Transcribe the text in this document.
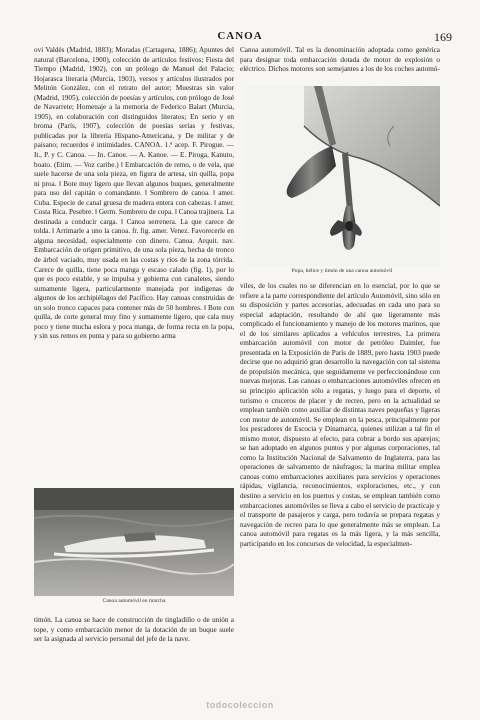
CANOA	169

ovi Valdés (Madrid, 1883); Moradas (Cartagena, 1886); Apuntes del natural (Barcelona, 1900), colección de artículos festivos; Fiesta del Tiempo (Madrid, 1902), con un prólogo de Manuel del Palacio; Hojarasca literaria (Murcia, 1903), versos y artículos ilustrados por Melitón González, con el retrato del autor; Muestras sin valor (Madrid, 1905), colección de poesías y artículos, con prólogo de José de Navarrete; Homenaje a la memoria de Federico Balart (Murcia, 1905), en colaboración con distinguidos literatos; En serio y en broma (París, 1907), colección de poesías serias y festivas, publicadas por la librería Hispano-Americana, y De militar y de paisano; recuerdos é intimidades. CANOA. 1.ª acep. F. Pirogue. — It., P. y C. Canoa. — In. Canoe. — A. Kanoe. — E. Piroga, Kanuto, boato. (Etim. — Voz caribe.) ‖ Embarcación de remo, o de vela, que suele hacerse de una sola pieza, en figura de artesa, sin quilla, popa ni proa. ‖ Bote muy ligero que llevan algunos buques, generalmente para uso del capitán o comandante. ‖ Sombrero de canoa. ‖ amer. Cuba. Especie de canal gruesa de madera entera con cabezas. ‖ amer. Costa Rica. Pesebre. ‖ Germ. Sombrero de copa. ‖ Canoa trajinera. La destinada a conducir carga. ‖ Canoa serrenera. La que carece de tolda. ‖ Arrimarle a uno la canoa. fr. fig. amer. Venez. Favorecerle en alguna necesidad, especialmente con dinero. Canoa. Arquit. nav. Embarcación de origen primitivo, de una sola pieza, hecha de tronco de árbol vaciado, muy usada en las costas y ríos de la zona tórrida. Carece de quilla, tiene poca manga y escaso calado (fig. 1), por lo que es poco estable, y se impulsa y gobierna con canaletes, siendo sumamente ligera, particularmente manejada por indígenas de algunos de los archipiélagos del Pacífico. Hay canoas construidas de un solo tronco capaces para contener más de 50 hombres. ‖ Bote con quilla, de corte general muy fino y sumamente ligero, que cala muy poco y tiene mucha eslora y poca manga, de forma recta en la popa, y sin sus remos en punta y para su gobierno arma

Canoa automóvil. Tal es la denominación adoptada como genérica para designar toda embarcación dotada de motor de explosión o eléctrico. Dichos motores son semejantes a los de los coches automó-

Popa, hélice y timón de una canoa automóvil

viles, de los cuales no se diferencian en lo esencial, por lo que se refiere a la parte correspondiente del artículo Automóvil, sino sólo en su disposición y partes accesorias, adecuadas en cada uno para su especial adaptación, resultando de ahí que ligeramente más complicado el funcionamiento y manejo de los motores marinos, que el de los similares aplicados a vehículos terrestres. La primera embarcación automóvil con motor de petróleo Daimler, fue presentada en la Exposición de París de 1889, pero hasta 1903 puede decirse que no adquirió gran desarrollo la navegación con tal sistema de propulsión mecánica, que seguidamente ve perfeccionándose con nuevas mejoras. Las canoas o embarcaciones automóviles ofrecen en su principio aplicación sólo a regatas, y luego para el deporte, el turismo o cruceros de placer y de recreo, pero en la actualidad se emplean también como auxiliar de distintas naves pequeñas y ligeras con motor de automóvil. Se emplean en la pesca, principalmente por los pescadores de Escocia y Dinamarca, quienes utilizan a tal fin el mismo motor, dispuesto al efecto, para cobrar a bordo sus aparejos; se han adoptado en algunos puntos y por algunas corporaciones, tal como la Institución Nacional de Salvamento de Inglaterra, para las operaciones de salvamento de náufragos; la marina militar emplea canoas como embarcaciones auxiliares para servicios y operaciones rápidas, vigilancia, reconocimientos, exploraciones, etc., y con destino a servicio en los puertos y costas, se emplean también como embarcaciones automóviles se lleva a cabo el servicio de practicaje y el transporte de pasajeros y carga, pero todavía se prepara regatas y navegación de recreo para lo que generalmente más se emplean. La canoa automóvil para regatas es la más ligera, y la más sencilla, participando en los concursos de velocidad, la especialmen-

Canoa automóvil en marcha

timón. La canoa se hace de construcción de tingladillo o de unión a tope, y como embarcación menor de la dotación de un buque suele ser la asignada al servicio personal del jefe de la nave.

todocoleccion
